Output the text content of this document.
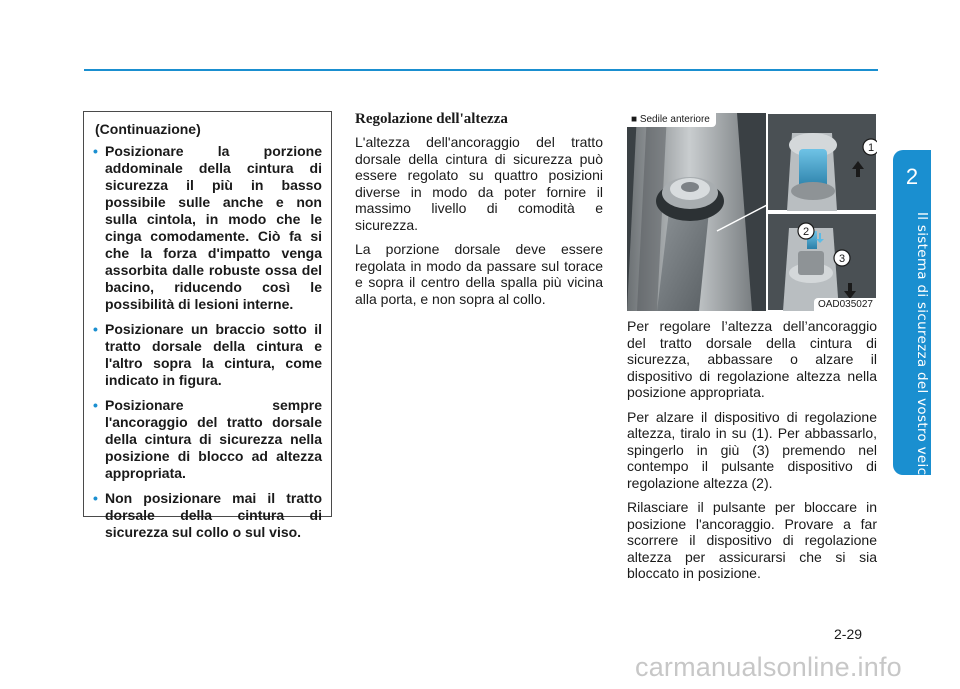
2
Il sistema di sicurezza del vostro veicolo
(Continuazione)
• Posizionare la porzione addominale della cintura di sicurezza il più in basso possibile sulle anche e non sulla cintola, in modo che le cinga comodamente. Ciò fa si che la forza d'impatto venga assorbita dalle robuste ossa del bacino, riducendo così le possibilità di lesioni interne.
• Posizionare un braccio sotto il tratto dorsale della cintura e l'altro sopra la cintura, come indicato in figura.
• Posizionare sempre l'ancoraggio del tratto dorsale della cintura di sicurezza nella posizione di blocco ad altezza appropriata.
• Non posizionare mai il tratto dorsale della cintura di sicurezza sul collo o sul viso.
Regolazione dell'altezza

L'altezza dell'ancoraggio del tratto dorsale della cintura di sicurezza può essere regolato su quattro posizioni diverse in modo da poter fornire il massimo livello di comodità e sicurezza.

La porzione dorsale deve essere regolata in modo da passare sul torace e sopra il centro della spalla più vicina alla porta, e non sopra al collo.

1
2
3
■ Sedile anteriore
OAD035027

Per regolare l’altezza dell’ancoraggio del tratto dorsale della cintura di sicurezza, abbassare o alzare il dispositivo di regolazione altezza nella posizione appropriata.

Per alzare il dispositivo di regolazione altezza, tiralo in su (1). Per abbassarlo, spingerlo in giù (3) premendo nel contempo il pulsante dispositivo di regolazione altezza (2).

Rilasciare il pulsante per bloccare in posizione l'ancoraggio. Provare a far scorrere il dispositivo di regolazione altezza per assicurarsi che si sia bloccato in posizione.

2-29
carmanualsonline.info
